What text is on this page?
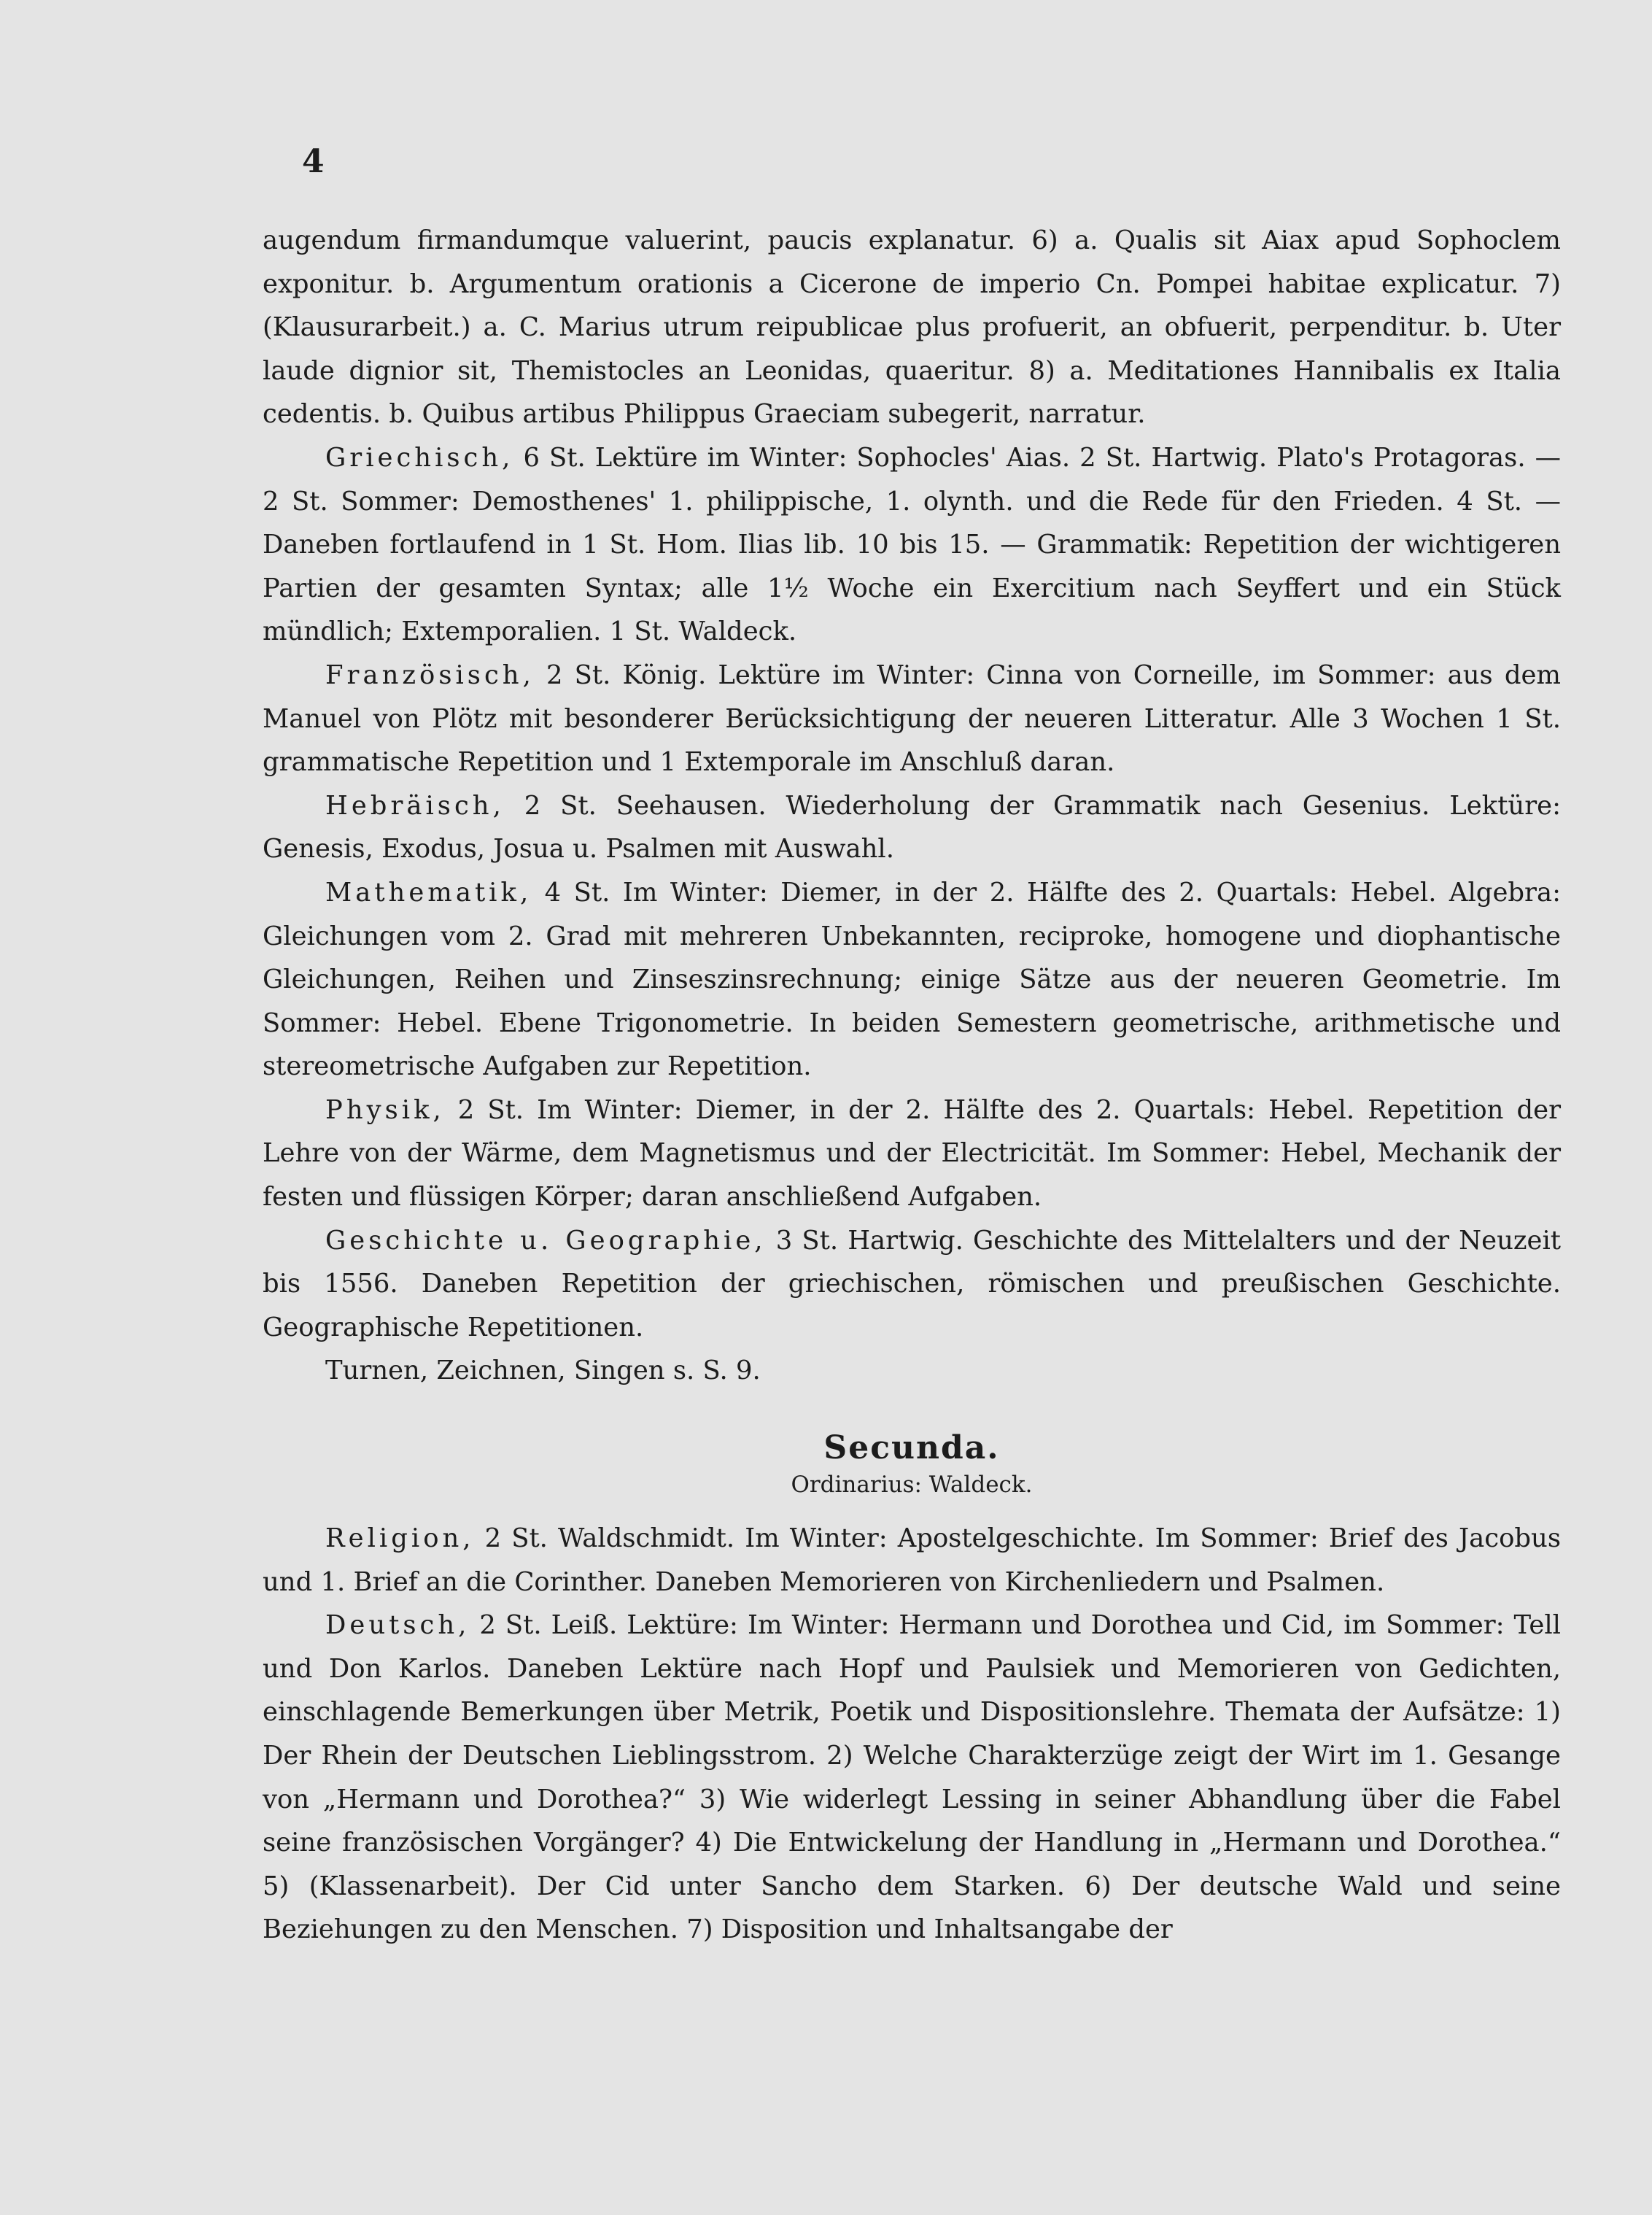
4

augendum firmandumque valuerint, paucis explanatur. 6) a. Qualis sit Aiax apud Sophoclem exponitur. b. Argumentum orationis a Cicerone de imperio Cn. Pompei habitae explicatur. 7) (Klausurarbeit.) a. C. Marius utrum reipublicae plus profuerit, an obfuerit, perpenditur. b. Uter laude dignior sit, Themistocles an Leonidas, quaeritur. 8) a. Meditationes Hannibalis ex Italia cedentis. b. Quibus artibus Philippus Graeciam subegerit, narratur.

Griechisch, 6 St. Lektüre im Winter: Sophocles' Aias. 2 St. Hartwig. Plato's Protagoras. — 2 St. Sommer: Demosthenes' 1. philippische, 1. olynth. und die Rede für den Frieden. 4 St. — Daneben fortlaufend in 1 St. Hom. Ilias lib. 10 bis 15. — Grammatik: Repetition der wichtigeren Partien der gesamten Syntax; alle 1½ Woche ein Exercitium nach Seyffert und ein Stück mündlich; Extemporalien. 1 St. Waldeck.

Französisch, 2 St. König. Lektüre im Winter: Cinna von Corneille, im Sommer: aus dem Manuel von Plötz mit besonderer Berücksichtigung der neueren Litteratur. Alle 3 Wochen 1 St. grammatische Repetition und 1 Extemporale im Anschluß daran.

Hebräisch, 2 St. Seehausen. Wiederholung der Grammatik nach Gesenius. Lektüre: Genesis, Exodus, Josua u. Psalmen mit Auswahl.

Mathematik, 4 St. Im Winter: Diemer, in der 2. Hälfte des 2. Quartals: Hebel. Algebra: Gleichungen vom 2. Grad mit mehreren Unbekannten, reciproke, homogene und diophantische Gleichungen, Reihen und Zinseszinsrechnung; einige Sätze aus der neueren Geometrie. Im Sommer: Hebel. Ebene Trigonometrie. In beiden Semestern geometrische, arithmetische und stereometrische Aufgaben zur Repetition.

Physik, 2 St. Im Winter: Diemer, in der 2. Hälfte des 2. Quartals: Hebel. Repetition der Lehre von der Wärme, dem Magnetismus und der Electricität. Im Sommer: Hebel, Mechanik der festen und flüssigen Körper; daran anschließend Aufgaben.

Geschichte u. Geographie, 3 St. Hartwig. Geschichte des Mittelalters und der Neuzeit bis 1556. Daneben Repetition der griechischen, römischen und preußischen Geschichte. Geographische Repetitionen.

Turnen, Zeichnen, Singen s. S. 9.

Secunda.

Ordinarius: Waldeck.

Religion, 2 St. Waldschmidt. Im Winter: Apostelgeschichte. Im Sommer: Brief des Jacobus und 1. Brief an die Corinther. Daneben Memorieren von Kirchenliedern und Psalmen.

Deutsch, 2 St. Leiß. Lektüre: Im Winter: Hermann und Dorothea und Cid, im Sommer: Tell und Don Karlos. Daneben Lektüre nach Hopf und Paulsiek und Memorieren von Gedichten, einschlagende Bemerkungen über Metrik, Poetik und Dispositionslehre. Themata der Aufsätze: 1) Der Rhein der Deutschen Lieblingsstrom. 2) Welche Charakterzüge zeigt der Wirt im 1. Gesange von „Hermann und Dorothea?“ 3) Wie widerlegt Lessing in seiner Abhandlung über die Fabel seine französischen Vorgänger? 4) Die Entwickelung der Handlung in „Hermann und Dorothea.“ 5) (Klassenarbeit). Der Cid unter Sancho dem Starken. 6) Der deutsche Wald und seine Beziehungen zu den Menschen. 7) Disposition und Inhaltsangabe der
